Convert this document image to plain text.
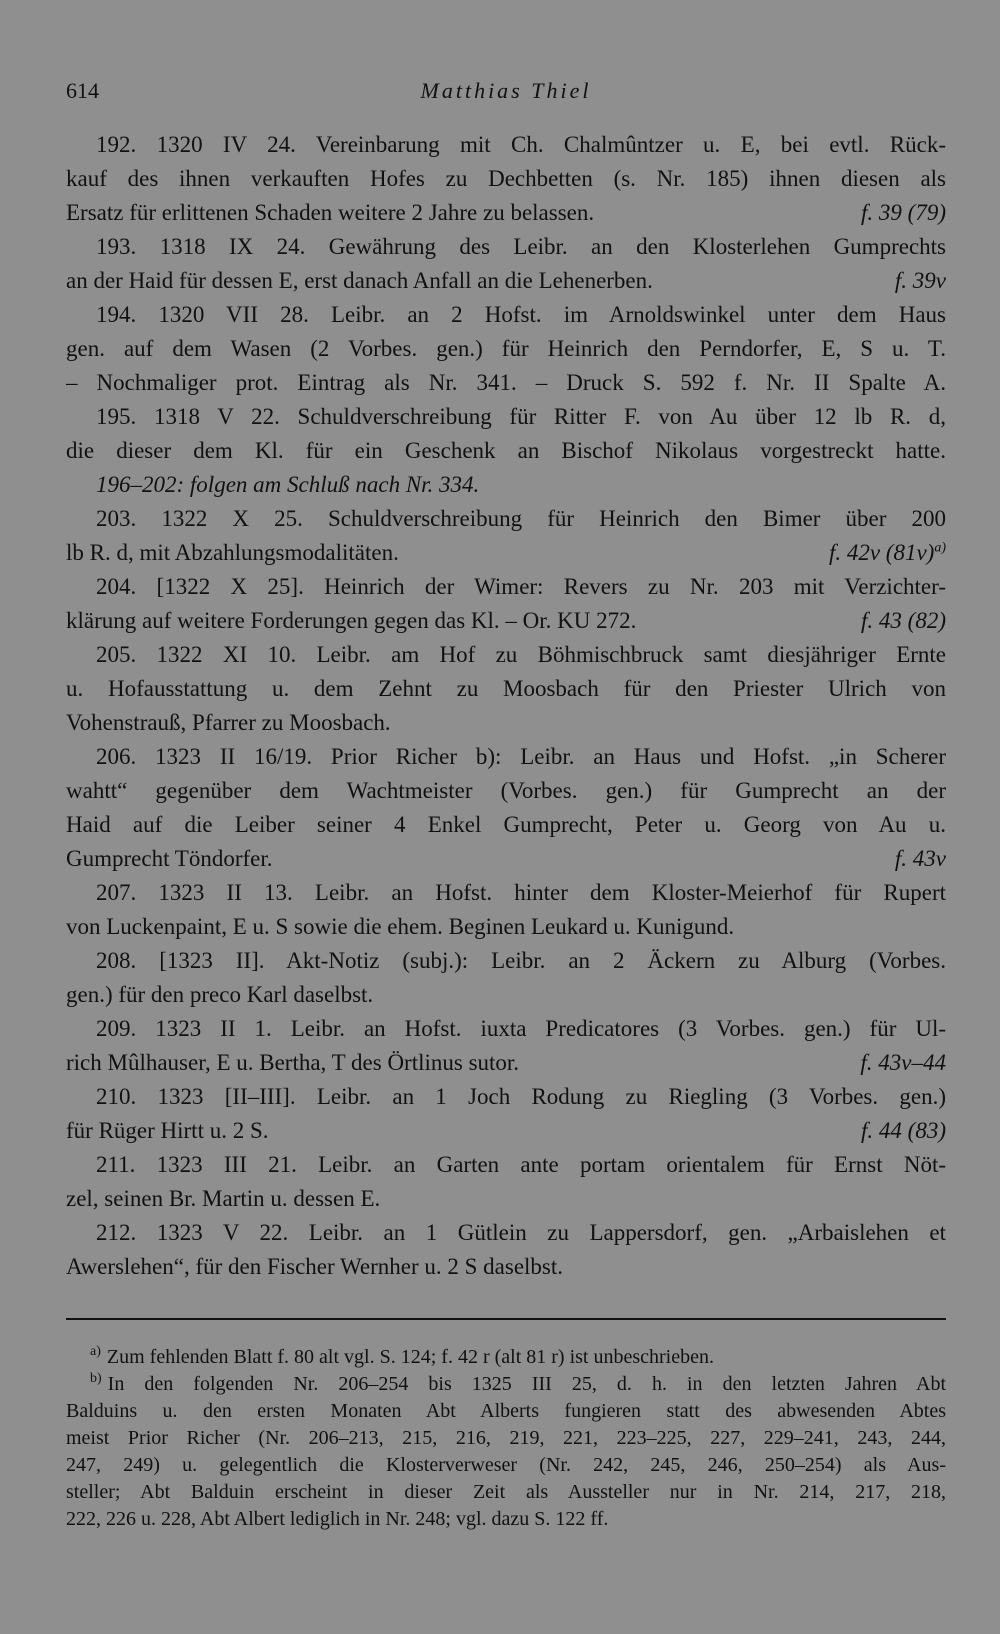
614	Matthias Thiel
192. 1320 IV 24. Vereinbarung mit Ch. Chalmûntzer u. E, bei evtl. Rück-
kauf des ihnen verkauften Hofes zu Dechbetten (s. Nr. 185) ihnen diesen als
Ersatz für erlittenen Schaden weitere 2 Jahre zu belassen.	f. 39 (79)
193. 1318 IX 24. Gewährung des Leibr. an den Klosterlehen Gumprechts
an der Haid für dessen E, erst danach Anfall an die Lehenerben.	f. 39v
194. 1320 VII 28. Leibr. an 2 Hofst. im Arnoldswinkel unter dem Haus
gen. auf dem Wasen (2 Vorbes. gen.) für Heinrich den Perndorfer, E, S u. T.
– Nochmaliger prot. Eintrag als Nr. 341. – Druck S. 592 f. Nr. II Spalte A.
195. 1318 V 22. Schuldverschreibung für Ritter F. von Au über 12 lb R. d,
die dieser dem Kl. für ein Geschenk an Bischof Nikolaus vorgestreckt hatte.
196–202: folgen am Schluß nach Nr. 334.
203. 1322 X 25. Schuldverschreibung für Heinrich den Bimer über 200
lb R. d, mit Abzahlungsmodalitäten.	f. 42v $(81v)^{a)}$
204. [1322 X 25]. Heinrich der Wimer: Revers zu Nr. 203 mit Verzichter-
klärung auf weitere Forderungen gegen das Kl. – Or. KU 272.	f. 43 (82)
205. 1322 XI 10. Leibr. am Hof zu Böhmischbruck samt diesjähriger Ernte
u. Hofausstattung u. dem Zehnt zu Moosbach für den Priester Ulrich von
Vohenstrauß, Pfarrer zu Moosbach.
206. 1323 II 16/19. Prior Richer b): Leibr. an Haus und Hofst. „in Scherer
wahtt“ gegenüber dem Wachtmeister (Vorbes. gen.) für Gumprecht an der
Haid auf die Leiber seiner 4 Enkel Gumprecht, Peter u. Georg von Au u.
Gumprecht Töndorfer.	f. 43v
207. 1323 II 13. Leibr. an Hofst. hinter dem Kloster-Meierhof für Rupert
von Luckenpaint, E u. S sowie die ehem. Beginen Leukard u. Kunigund.
208. [1323 II]. Akt-Notiz (subj.): Leibr. an 2 Äckern zu Alburg (Vorbes.
gen.) für den preco Karl daselbst.
209. 1323 II 1. Leibr. an Hofst. iuxta Predicatores (3 Vorbes. gen.) für Ul-
rich Mûlhauser, E u. Bertha, T des Örtlinus sutor.	f. 43v–44
210. 1323 [II–III]. Leibr. an 1 Joch Rodung zu Riegling (3 Vorbes. gen.)
für Rüger Hirtt u. 2 S.	f. 44 (83)
211. 1323 III 21. Leibr. an Garten ante portam orientalem für Ernst Nöt-
zel, seinen Br. Martin u. dessen E.
212. 1323 V 22. Leibr. an 1 Gütlein zu Lappersdorf, gen. „Arbaislehen et
Awerslehen“, für den Fischer Wernher u. 2 S daselbst.
$^{a)}$ Zum fehlenden Blatt f. 80 alt vgl. S. 124; f. 42 r (alt 81 r) ist unbeschrieben.
$^{b)}$ In den folgenden Nr. 206–254 bis 1325 III 25, d. h. in den letzten Jahren Abt
Balduins u. den ersten Monaten Abt Alberts fungieren statt des abwesenden Abtes
meist Prior Richer (Nr. 206–213, 215, 216, 219, 221, 223–225, 227, 229–241, 243, 244,
247, 249) u. gelegentlich die Klosterverweser (Nr. 242, 245, 246, 250–254) als Aus-
steller; Abt Balduin erscheint in dieser Zeit als Aussteller nur in Nr. 214, 217, 218,
222, 226 u. 228, Abt Albert lediglich in Nr. 248; vgl. dazu S. 122 ff.
